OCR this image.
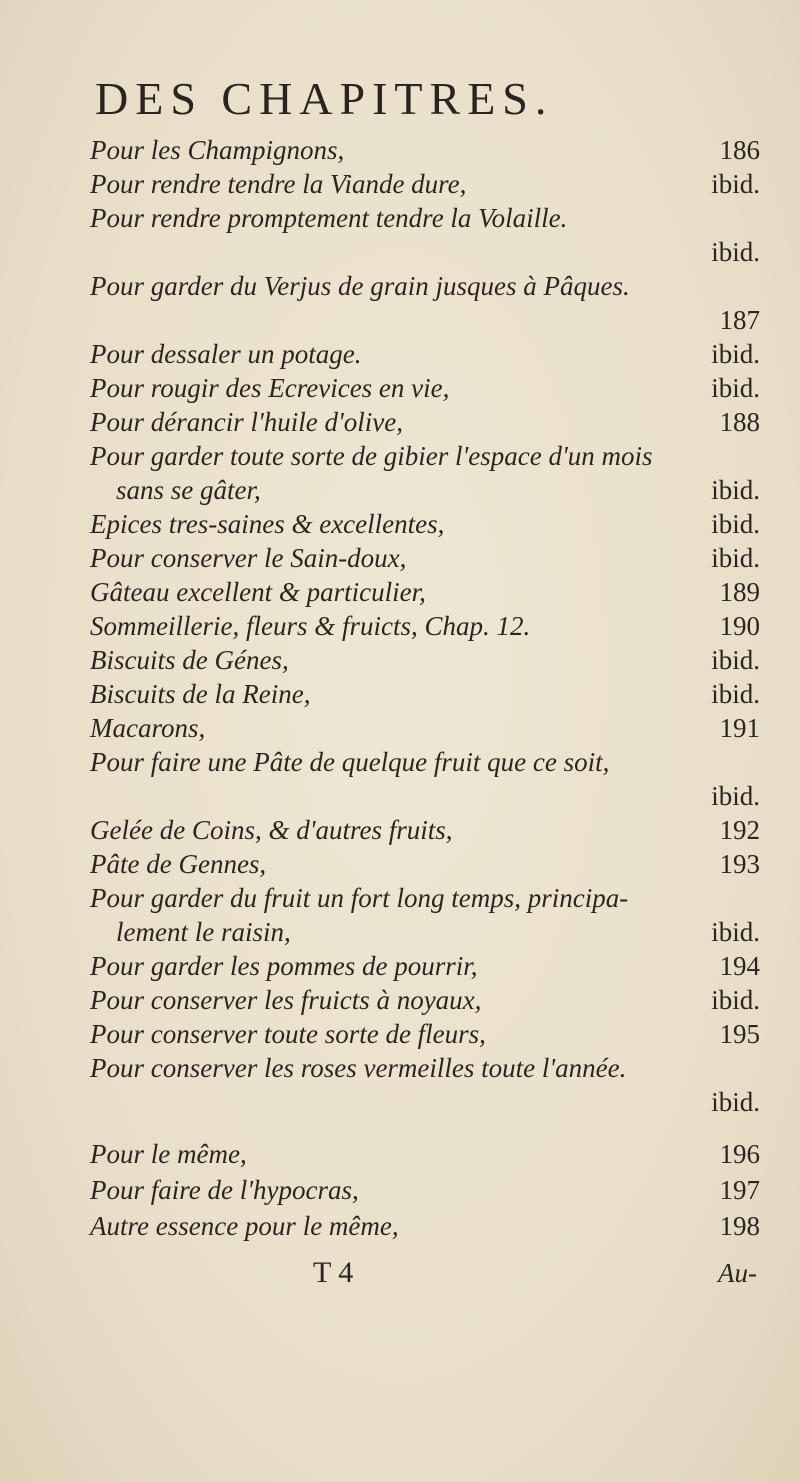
DES CHAPITRES.
Pour les Champignons,	186
Pour rendre tendre la Viande dure,	ibid.
Pour rendre promptement tendre la Volaille.
ibid.
Pour garder du Verjus de grain jusques à Pâques.
187
Pour dessaler un potage.	ibid.
Pour rougir des Ecrevices en vie,	ibid.
Pour dérancir l'huile d'olive,	188
Pour garder toute sorte de gibier l'espace d'un mois
sans se gâter,	ibid.
Epices tres-saines & excellentes,	ibid.
Pour conserver le Sain-doux,	ibid.
Gâteau excellent & particulier,	189
Sommeillerie, fleurs & fruicts, Chap. 12.	190
Biscuits de Génes,	ibid.
Biscuits de la Reine,	ibid.
Macarons,	191
Pour faire une Pâte de quelque fruit que ce soit,
ibid.
Gelée de Coins, & d'autres fruits,	192
Pâte de Gennes,	193
Pour garder du fruit un fort long temps, principa-
lement le raisin,	ibid.
Pour garder les pommes de pourrir,	194
Pour conserver les fruicts à noyaux,	ibid.
Pour conserver toute sorte de fleurs,	195
Pour conserver les roses vermeilles toute l'année.
ibid.
Pour le même,	196
Pour faire de l'hypocras,	197
Autre essence pour le même,	198
T 4	Au-
